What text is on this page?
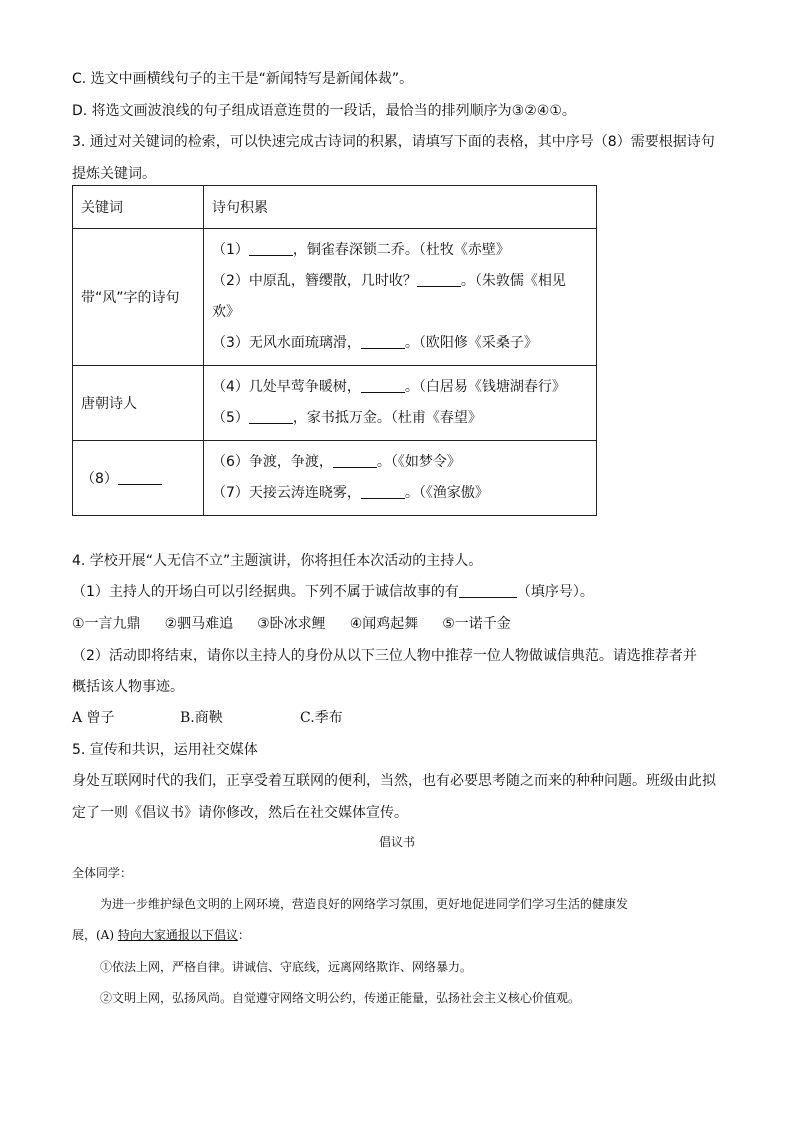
C. 选文中画横线句子的主干是“新闻特写是新闻体裁”。
D. 将选文画波浪线的句子组成语意连贯的一段话，最恰当的排列顺序为③②④①。
3. 通过对关键词的检索，可以快速完成古诗词的积累，请填写下面的表格，其中序号（8）需要根据诗句
提炼关键词。
关键词	诗句积累
带“风”字的诗句	（1） ，铜雀春深锁二乔。（杜牧《赤壁》
（2）中原乱，簪缨散，几时收？ 。（朱敦儒《相见欢》
（3）无风水面琉璃滑， 。（欧阳修《采桑子》

唐朝诗人	（4）几处早莺争暖树， 。（白居易《钱塘湖春行》
（5） ，家书抵万金。（杜甫《春望》

（8）	（6）争渡，争渡， 。（《如梦令》
（7）天接云涛连晓雾， 。（《渔家傲》
4. 学校开展“人无信不立”主题演讲，你将担任本次活动的主持人。
（1）主持人的开场白可以引经据典。下列不属于诚信故事的有	（填序号）。
①一言九鼎 ②驷马难追 ③卧冰求鲤 ④闻鸡起舞 ⑤一诺千金
（2）活动即将结束，请你以主持人的身份从以下三位人物中推荐一位人物做诚信典范。请选推荐者并
概括该人物事迹。
A 曾子	B.商鞅	C.季布
5. 宣传和共识，运用社交媒体
身处互联网时代的我们，正享受着互联网的便利，当然，也有必要思考随之而来的种种问题。班级由此拟
定了一则《倡议书》请你修改，然后在社交媒体宣传。
倡议书
全体同学：
为进一步维护绿色文明的上网环境，营造良好的网络学习氛围，更好地促进同学们学习生活的健康发
展，(A) 特向大家通报以下倡议：
①依法上网，严格自律。讲诚信、守底线，远离网络欺诈、网络暴力。
②文明上网，弘扬风尚。自觉遵守网络文明公约，传递正能量，弘扬社会主义核心价值观。
